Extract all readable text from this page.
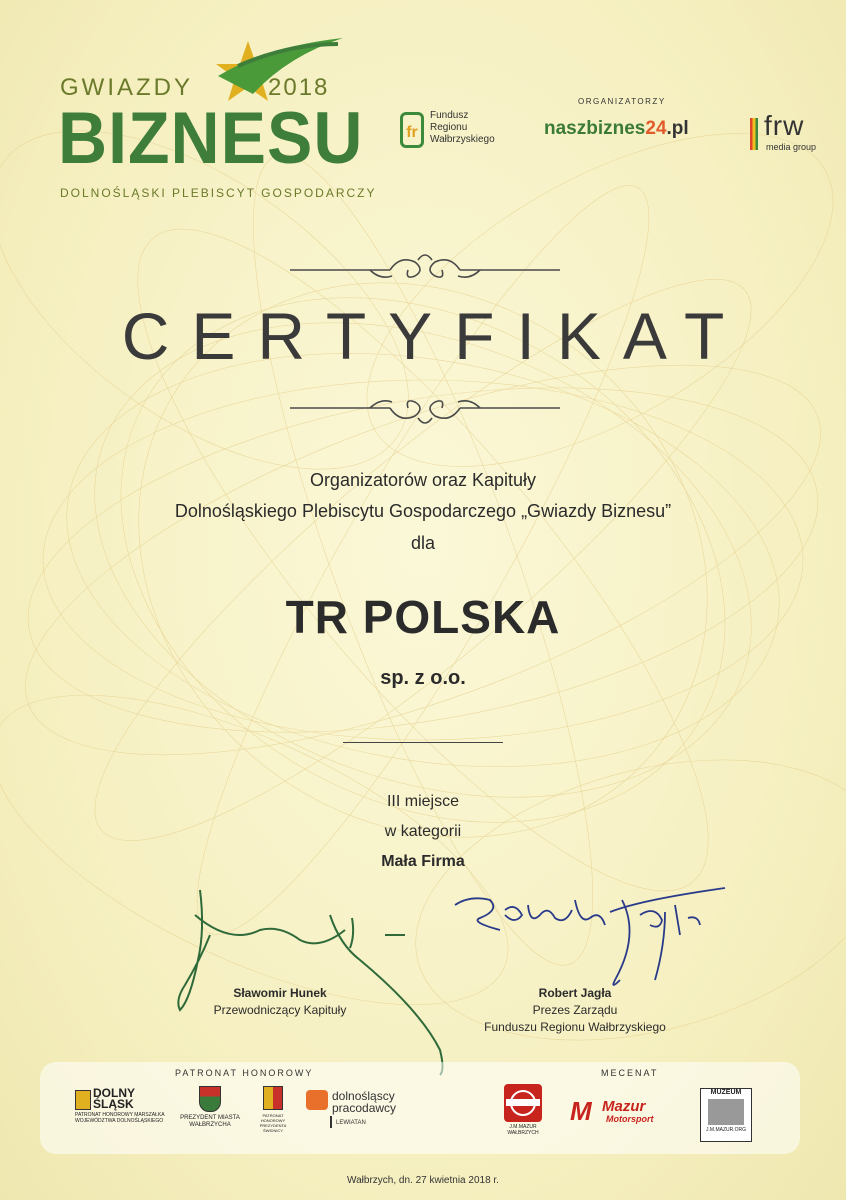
GWIAZDY	2018
BIZNESU
DOLNOŚLĄSKI PLEBISCYT GOSPODARCZY
ORGANIZATORZY
fr
Fundusz
Regionu
Wałbrzyskiego
naszbiznes24.pl	frw
media group
CERTYFIKAT
Organizatorów oraz Kapituły
Dolnośląskiego Plebiscytu Gospodarczego „Gwiazdy Biznesu”
dla
TR POLSKA
sp. z o.o.
III miejsce
w kategorii
Mała Firma
Sławomir Hunek
Przewodniczący Kapituły
Robert Jagła
Prezes Zarządu
Funduszu Regionu Wałbrzyskiego
PATRONAT HONOROWY	MECENAT
DOLNY
ŚLĄSK
PATRONAT HONOROWY MARSZAŁKA
WOJEWÓDZTWA DOLNOŚLĄSKIEGO	PREZYDENT MIASTA
WAŁBRZYCHA
PATRONAT
HONOROWY
PREZYDENTA
ŚWIDNICY
dolnośląscy
pracodawcy
LEWIATAN
J.M.MAZUR
WAŁBRZYCH
M Mazur
Motorsport
MUZEUM
J.M.MAZUR.ORG
Wałbrzych, dn. 27 kwietnia 2018 r.
